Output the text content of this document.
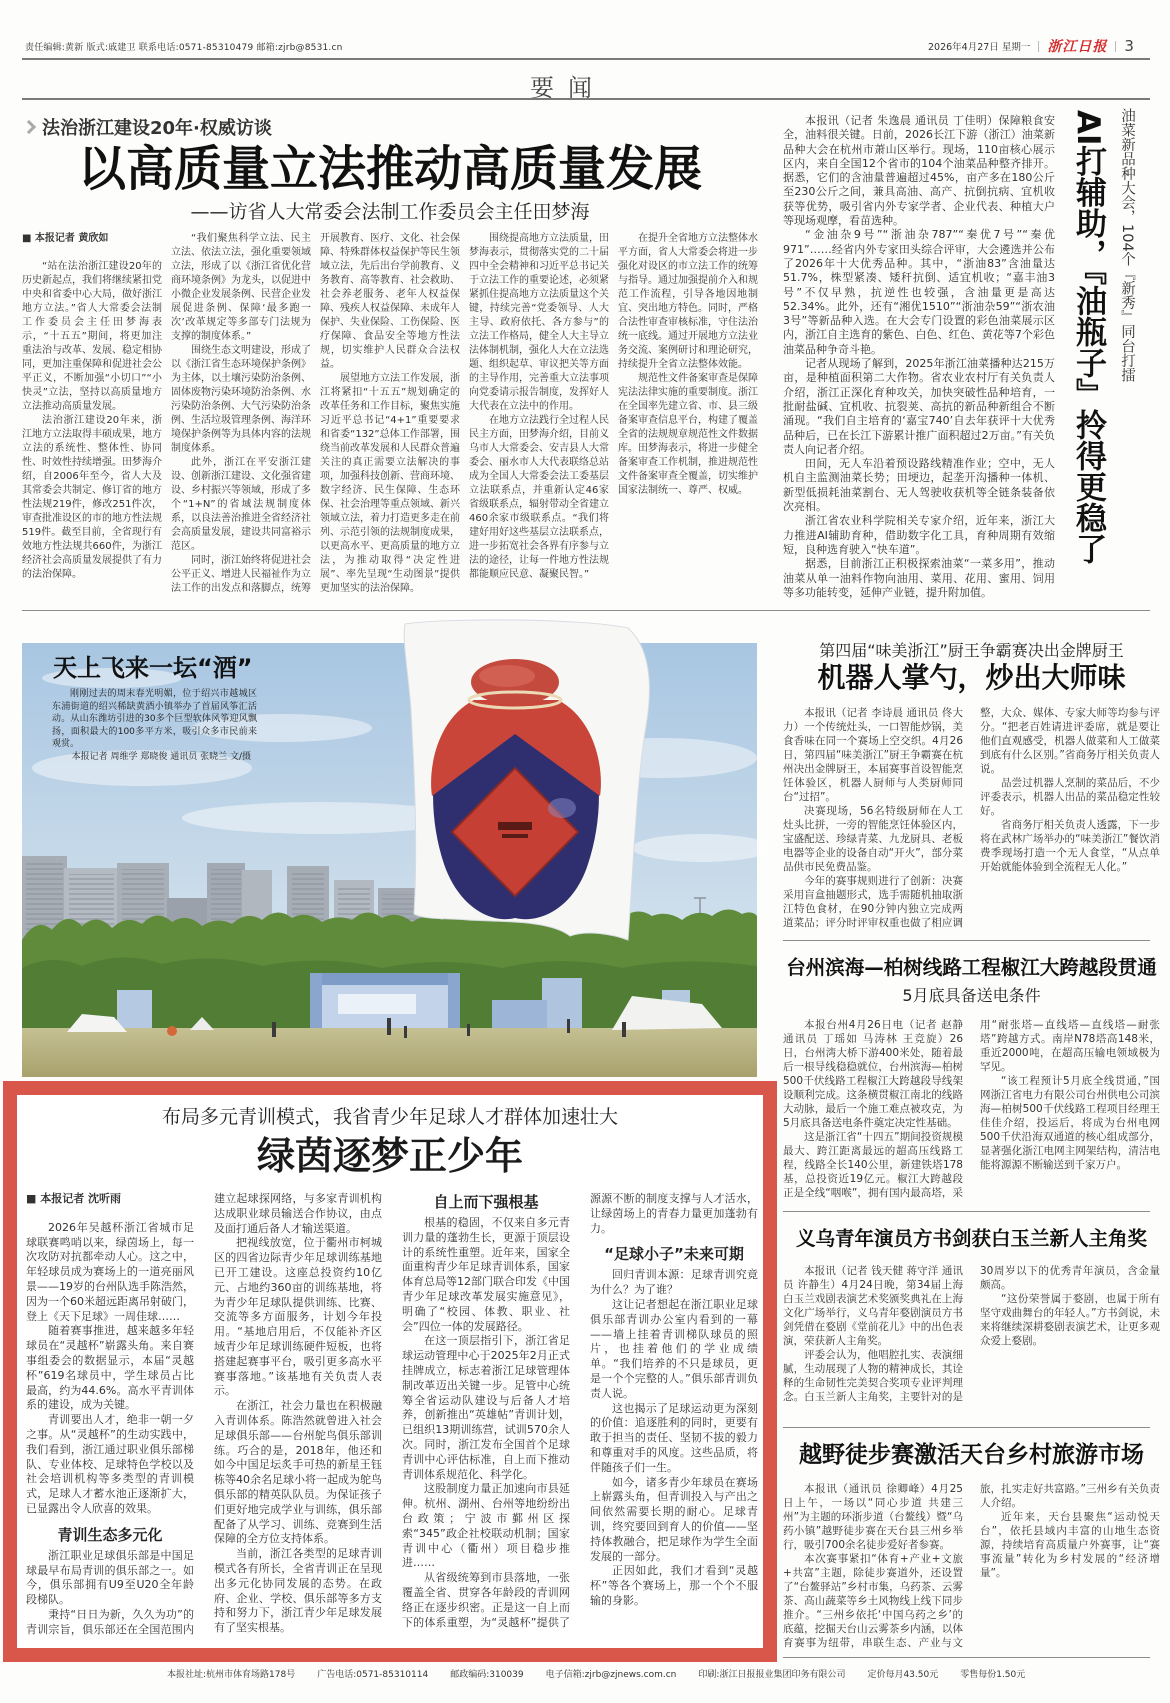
责任编辑:黄新 版式:戚建卫 联系电话:0571-85310479 邮箱:zjrb@8531.cn	2026年4月27日 星期一 浙江日报 3
要闻
法治浙江建设20年·权威访谈
以高质量立法推动高质量发展
——访省人大常委会法制工作委员会主任田梦海

■ 本报记者 黄欣如

“站在法治浙江建设20年的历史新起点，我们将继续紧扣党中央和省委中心大局，做好浙江地方立法。”省人大常委会法制工作委员会主任田梦海表示，“十五五”期间，将更加注重法治与改革、发展、稳定相协同，更加注重保障和促进社会公平正义，不断加强“小切口”“小快灵”立法，坚持以高质量地方立法推动高质量发展。

法治浙江建设20年来，浙江地方立法取得丰硕成果，地方立法的系统性、整体性、协同性、时效性持续增强。田梦海介绍，自2006年至今，省人大及其常委会共制定、修订省的地方性法规219件，修改251件次，审查批准设区的市的地方性法规519件。截至目前，全省现行有效地方性法规共660件，为浙江经济社会高质量发展提供了有力的法治保障。

“我们聚焦科学立法、民主立法、依法立法，强化重要领域立法，形成了以《浙江省优化营商环境条例》为龙头，以促进中小微企业发展条例、民营企业发展促进条例、保障‘最多跑一次’改革规定等多部专门法规为支撑的制度体系。”

围绕生态文明建设，形成了以《浙江省生态环境保护条例》为主体，以土壤污染防治条例、固体废物污染环境防治条例、水污染防治条例、大气污染防治条例、生活垃圾管理条例、海洋环境保护条例等为具体内容的法规制度体系。

此外，浙江在平安浙江建设、创新浙江建设、文化强省建设、乡村振兴等领域，形成了多个“1+N”的省域法规制度体系，以良法善治推进全省经济社会高质量发展，建设共同富裕示范区。

同时，浙江始终将促进社会公平正义、增进人民福祉作为立法工作的出发点和落脚点，统筹开展教育、医疗、文化、社会保障、特殊群体权益保护等民生领域立法，先后出台学前教育、义务教育、高等教育、社会救助、社会养老服务、老年人权益保障、残疾人权益保障、未成年人保护、失业保险、工伤保险、医疗保障、食品安全等地方性法规，切实维护人民群众合法权益。

展望地方立法工作发展，浙江将紧扣“十五五”规划确定的改革任务和工作目标，聚焦实施习近平总书记“4+1”重要要求和省委“132”总体工作部署，围绕当前改革发展和人民群众普遍关注的真正需要立法解决的事项，加强科技创新、营商环境、数字经济、民生保障、生态环保、社会治理等重点领域、新兴领域立法，着力打造更多走在前列、示范引领的法规制度成果，以更高水平、更高质量的地方立法，为推动取得“决定性进展”、率先呈现“生动图景”提供更加坚实的法治保障。

围绕提高地方立法质量，田梦海表示，贯彻落实党的二十届四中全会精神和习近平总书记关于立法工作的重要论述，必须紧紧抓住提高地方立法质量这个关键，持续完善“党委领导、人大主导、政府依托、各方参与”的立法工作格局，健全人大主导立法体制机制，强化人大在立法选题、组织起草、审议把关等方面的主导作用，完善重大立法事项向党委请示报告制度，发挥好人大代表在立法中的作用。

在地方立法践行全过程人民民主方面，田梦海介绍，目前义乌市人大常委会、安吉县人大常委会、丽水市人大代表联络总站成为全国人大常委会法工委基层立法联系点，并重新认定46家省级联系点，辐射带动全省建立460余家市级联系点。“我们将建好用好这些基层立法联系点，进一步拓宽社会各界有序参与立法的途径，让每一件地方性法规都能顺应民意、凝聚民智。”

在提升全省地方立法整体水平方面，省人大常委会将进一步强化对设区的市立法工作的统筹与指导。通过加强提前介入和规范工作流程，引导各地因地制宜、突出地方特色。同时，严格合法性审查审核标准，守住法治统一底线。通过开展地方立法业务交流、案例研讨和理论研究，持续提升全省立法整体效能。

规范性文件备案审查是保障宪法法律实施的重要制度。浙江在全国率先建立省、市、县三级备案审查信息平台，构建了覆盖全省的法规规章规范性文件数据库。田梦海表示，将进一步健全备案审查工作机制，推进规范性文件备案审查全覆盖，切实维护国家法制统一、尊严、权威。

本报讯（记者 朱逸晨 通讯员 丁佳明）保障粮食安全，油料很关键。日前，2026长江下游（浙江）油菜新品种大会在杭州市萧山区举行。现场，110亩核心展示区内，来自全国12个省市的104个油菜品种整齐排开。据悉，它们的含油量普遍超过45%，亩产多在180公斤至230公斤之间，兼具高油、高产、抗倒抗病、宜机收获等优势，吸引省内外专家学者、企业代表、种植大户等现场观摩，看苗选种。

“金油杂9号”“浙油杂787”“秦优7号”“秦优971”……经省内外专家田头综合评审，大会遴选并公布了2026年十大优秀品种。其中，“浙油83”含油量达51.7%，株型紧凑、矮秆抗倒、适宜机收；“嘉丰油3号”不仅早熟，抗逆性也较强，含油量更是高达52.34%。此外，还有“湘优1510”“浙油杂59”“浙农油3号”等新品种入选。在大会专门设置的彩色油菜展示区内，浙江自主选育的紫色、白色、红色、黄花等7个彩色油菜品种争奇斗艳。

记者从现场了解到，2025年浙江油菜播种达215万亩，是种植面积第二大作物。省农业农村厅有关负责人介绍，浙江正深化育种攻关，加快突破性品种培育，一批耐盐碱、宜机收、抗裂荚、高抗的新品种新组合不断涌现。“我们自主培育的‘嘉宝740’自去年获评十大优秀品种后，已在长江下游累计推广面积超过2万亩。”有关负责人向记者介绍。

田间，无人车沿着预设路线精准作业；空中，无人机自主监测油菜长势；田埂边，起垄开沟播种一体机、新型低损耗油菜割台、无人驾驶收获机等全链条装备依次亮相。

浙江省农业科学院相关专家介绍，近年来，浙江大力推进AI辅助育种，借助数字化工具，育种周期有效缩短，良种选育驶入“快车道”。

据悉，目前浙江正积极探索油菜“一菜多用”，推动油菜从单一油料作物向油用、菜用、花用、蜜用、饲用等多功能转变，延伸产业链，提升附加值。

油菜新品种大会，104个『新秀』同台打擂
AI打辅助，『油瓶子』拎得更稳了
天上飞来一坛“酒”

刚刚过去的周末春光明媚，位于绍兴市越城区东浦街道的绍兴稀缺黄酒小镇举办了首届风筝汇活动。从山东潍坊引进的30多个巨型软体风筝迎风飘扬，面积最大的100多平方米，吸引众多市民前来观赏。

本报记者 周维学 郑晓俊 通讯员 张晓兰 文/摄

第四届“味美浙江”厨王争霸赛决出金牌厨王
机器人掌勺，炒出大师味

本报讯（记者 李诗晨 通讯员 佟大力）一个传统灶头，一口智能炒锅，美食香味在同一个赛场上空交织。4月26日，第四届“味美浙江”厨王争霸赛在杭州决出金牌厨王，本届赛事首设智能烹饪体验区，机器人厨师与人类厨师同台“过招”。

决赛现场，56名特级厨师在人工灶头比拼，一旁的智能烹饪体验区内，宝盛配送、珍绿青菜、九龙厨具、老板电器等企业的设备自动“开火”，部分菜品供市民免费品鉴。

今年的赛事规则进行了创新：决赛采用盲盒抽题形式，选手需随机抽取浙江特色食材，在90分钟内独立完成两道菜品；评分时评审权重也做了相应调整，大众、媒体、专家大师等均参与评分。“把老百姓请进评委席，就是要让他们直观感受，机器人做菜和人工做菜到底有什么区别。”省商务厅相关负责人说。

品尝过机器人烹制的菜品后，不少评委表示，机器人出品的菜品稳定性较好。

省商务厅相关负责人透露，下一步将在武林广场举办的“味美浙江”餐饮消费季现场打造一个无人食堂，“从点单开始就能体验到全流程无人化。”

台州滨海—柏树线路工程椒江大跨越段贯通
5月底具备送电条件

本报台州4月26日电（记者 赵静 通讯员 丁瑶如 马涛林 王竞旋）26日，台州湾大桥下游400米处，随着最后一根导线稳稳就位，台州滨海—柏树500千伏线路工程椒江大跨越段导线架设顺利完成。这条横贯椒江南北的线路大动脉，最后一个施工难点被攻克，为5月底具备送电条件奠定决定性基础。

这是浙江省“十四五”期间投资规模最大、跨江距离最远的超高压线路工程，线路全长140公里，新建铁塔178基，总投资近19亿元。椒江大跨越段正是全线“咽喉”，拥有国内最高塔，采用“耐张塔—直线塔—直线塔—耐张塔”跨越方式。南岸N78塔高148米，重近2000吨，在超高压输电领域极为罕见。

“该工程预计5月底全线贯通，”国网浙江省电力有限公司台州供电公司滨海—柏树500千伏线路工程项目经理王佳佳介绍，投运后，将成为台州电网500千伏沿海双通道的核心组成部分，显著强化浙江电网主网架结构，清洁电能将源源不断输送到千家万户。

义乌青年演员方书剑获白玉兰新人主角奖

本报讯（记者 钱天健 蒋守洋 通讯员 许静生）4月24日晚，第34届上海白玉兰戏剧表演艺术奖颁奖典礼在上海文化广场举行，义乌青年婺剧演员方书剑凭借在婺剧《堂前花儿》中的出色表演，荣获新人主角奖。

评委会认为，他唱腔扎实、表演细腻，生动展现了人物的精神成长，其诠释的生命韧性完美契合奖项专业评判理念。白玉兰新人主角奖，主要针对的是30周岁以下的优秀青年演员，含金量颇高。

“这份荣誉属于婺剧，也属于所有坚守戏曲舞台的年轻人。”方书剑说，未来将继续深耕婺剧表演艺术，让更多观众爱上婺剧。

越野徒步赛激活天台乡村旅游市场

本报讯（通讯员 徐卿峰）4月25日上午，一场以“同心步道 共建三州”为主题的环浙步道（台鳌线）暨“乌药小镇”越野徒步赛在天台县三州乡举行，吸引700余名徒步爱好者参赛。

本次赛事紧扣“体育+产业+文旅+共富”主题，除徒步赛道外，还设置了“台鳌驿站”乡村市集，乌药茶、云雾茶、高山蔬菜等乡土风物线上线下同步推介。“三州乡依托‘中国乌药之乡’的底蕴，挖掘天台山云雾茶乡内涵，以体育赛事为纽带，串联生态、产业与文旅，扎实走好共富路。”三州乡有关负责人介绍。

近年来，天台县聚焦“运动悦天台”，依托县域内丰富的山地生态资源，持续培育高质量户外赛事，让“赛事流量”转化为乡村发展的“经济增量”。

布局多元青训模式，我省青少年足球人才群体加速壮大
绿茵逐梦正少年

■ 本报记者 沈听雨

2026年吴越杯浙江省城市足球联赛鸣哨以来，绿茵场上，每一次攻防对抗都牵动人心。这之中，年轻球员成为赛场上的一道亮丽风景——19岁的台州队选手陈浩然，因为一个60米超远距离吊射破门，登上《天下足球》一周佳球……

随着赛事推进，越来越多年轻球员在“灵越杯”崭露头角。来自赛事组委会的数据显示，本届“灵越杯”619名球员中，学生球员占比最高，约为44.6%。高水平青训体系的建设，成为关键。

青训要出人才，绝非一朝一夕之事。从“灵越杯”的生动实践中，我们看到，浙江通过职业俱乐部梯队、专业体校、足球特色学校以及社会培训机构等多类型的青训模式，足球人才蓄水池正逐渐扩大，已显露出令人欣喜的效果。

青训生态多元化

浙江职业足球俱乐部是中国足球最早布局青训的俱乐部之一。如今，俱乐部拥有U9至U20全年龄段梯队。

秉持“日日为新，久久为功”的青训宗旨，俱乐部还在全国范围内建立起球探网络，与多家青训机构达成职业球员输送合作协议，由点及面打通后备人才输送渠道。

把视线放宽，位于衢州市柯城区的四省边际青少年足球训练基地已开工建设。这座总投资约10亿元、占地约360亩的训练基地，将为青少年足球队提供训练、比赛、交流等多方面服务，计划今年投用。“基地启用后，不仅能补齐区域青少年足球训练硬件短板，也将搭建起赛事平台，吸引更多高水平赛事落地。”该基地有关负责人表示。

在浙江，社会力量也在积极融入青训体系。陈浩然就曾进入社会足球俱乐部——台州鸵鸟俱乐部训练。巧合的是，2018年，他还和如今中国足坛炙手可热的新星王钰栋等40余名足球小将一起成为鸵鸟俱乐部的精英队队员。为保证孩子们更好地完成学业与训练，俱乐部配备了从学习、训练、竞赛到生活保障的全方位支持体系。

当前，浙江各类型的足球青训模式各有所长，全省青训正在呈现出多元化协同发展的态势。在政府、企业、学校、俱乐部等多方支持和努力下，浙江青少年足球发展有了坚实根基。

自上而下强根基

根基的稳固，不仅来自多元青训力量的蓬勃生长，更源于顶层设计的系统性重塑。近年来，国家全面重构青少年足球青训体系，国家体育总局等12部门联合印发《中国青少年足球改革发展实施意见》，明确了“校园、体教、职业、社会”四位一体的发展路径。

在这一顶层指引下，浙江省足球运动管理中心于2025年2月正式挂牌成立，标志着浙江足球管理体制改革迈出关键一步。足管中心统筹全省运动队建设与后备人才培养，创新推出“英雄帖”青训计划，已组织13期训练营，试训570余人次。同时，浙江发布全国首个足球青训中心评估标准，自上而下推动青训体系规范化、科学化。

这股制度力量正加速向市县延伸。杭州、湖州、台州等地纷纷出台政策；宁波市鄞州区探索“345”政企社校联动机制；国家青训中心（衢州）项目稳步推进……

从省级统筹到市县落地，一张覆盖全省、贯穿各年龄段的青训网络正在逐步织密。正是这一自上而下的体系重塑，为“灵越杯”提供了源源不断的制度支撑与人才活水，让绿茵场上的青春力量更加蓬勃有力。

“足球小子”未来可期

回归青训本源：足球青训究竟为什么？为了谁？

这让记者想起在浙江职业足球俱乐部青训办公室内看到的一幕——墙上挂着青训梯队球员的照片，也挂着他们的学业成绩单。“我们培养的不只是球员，更是一个个完整的人。”俱乐部青训负责人说。

这也揭示了足球运动更为深刻的价值：追逐胜利的同时，更要有敢于担当的责任、坚韧不拔的毅力和尊重对手的风度。这些品质，将伴随孩子们一生。

如今，诸多青少年球员在赛场上崭露头角，但青训投入与产出之间依然需要长期的耐心。足球青训，终究要回到育人的价值——坚持体教融合，把足球作为学生全面发展的一部分。

正因如此，我们才看到“灵越杯”等各个赛场上，那一个个不服输的身影。

本报社址:杭州市体育场路178号 广告电话:0571-85310114 邮政编码:310039 电子信箱:zjrb@zjnews.com.cn 印刷:浙江日报报业集团印务有限公司 定价每月43.50元 零售每份1.50元
